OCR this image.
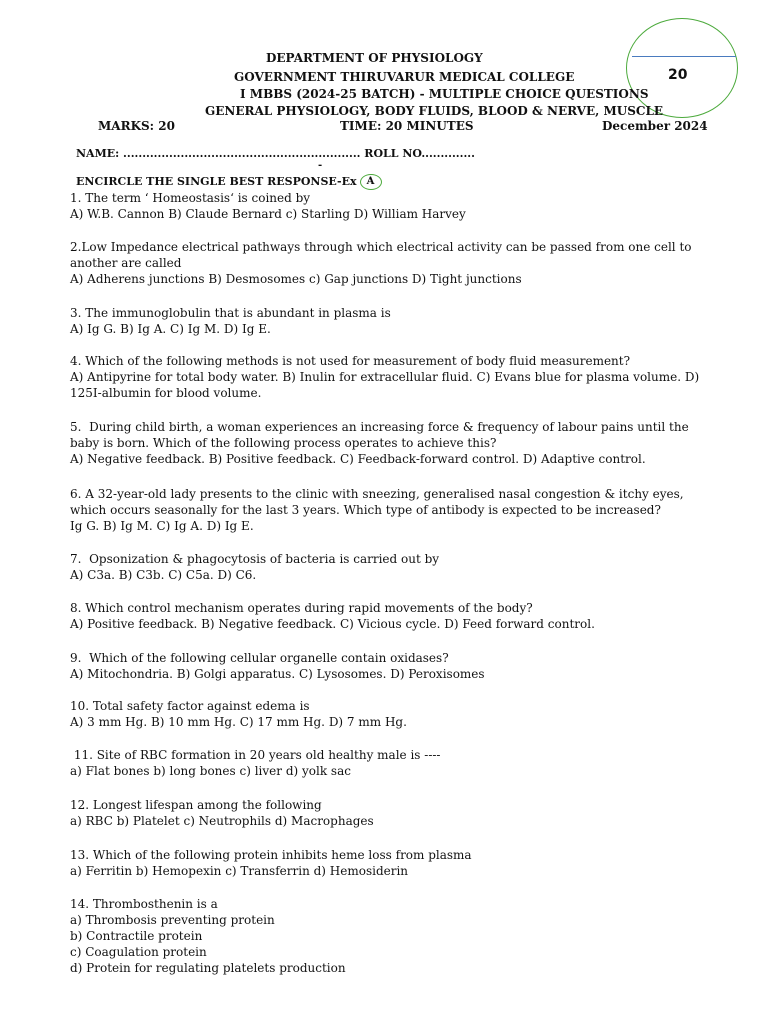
20
DEPARTMENT OF PHYSIOLOGY
GOVERNMENT THIRUVARUR MEDICAL COLLEGE
I MBBS (2024-25 BATCH) - MULTIPLE CHOICE QUESTIONS
GENERAL PHYSIOLOGY, BODY FLUIDS, BLOOD & NERVE, MUSCLE
MARKS: 20	TIME: 20 MINUTES	December 2024
NAME: .............................................................. ROLL NO..............
-
ENCIRCLE THE SINGLE BEST RESPONSE-Ex A

1. The term ‘ Homeostasis‘ is coined by

A) W.B. Cannon B) Claude Bernard c) Starling D) William Harvey

2.Low Impedance electrical pathways through which electrical activity can be passed from one cell to

another are called

A) Adherens junctions B) Desmosomes c) Gap junctions D) Tight junctions

3. The immunoglobulin that is abundant in plasma is

A) Ig G. B) Ig A. C) Ig M. D) Ig E.

4. Which of the following methods is not used for measurement of body fluid measurement?

A) Antipyrine for total body water. B) Inulin for extracellular fluid. C) Evans blue for plasma volume. D)

125I-albumin for blood volume.

5.  During child birth, a woman experiences an increasing force & frequency of labour pains until the

baby is born. Which of the following process operates to achieve this?

A) Negative feedback. B) Positive feedback. C) Feedback-forward control. D) Adaptive control.

6. A 32-year-old lady presents to the clinic with sneezing, generalised nasal congestion & itchy eyes,

which occurs seasonally for the last 3 years. Which type of antibody is expected to be increased?

Ig G. B) Ig M. C) Ig A. D) Ig E.

7.  Opsonization & phagocytosis of bacteria is carried out by

A) C3a. B) C3b. C) C5a. D) C6.

8. Which control mechanism operates during rapid movements of the body?

A) Positive feedback. B) Negative feedback. C) Vicious cycle. D) Feed forward control.

9.  Which of the following cellular organelle contain oxidases?

A) Mitochondria. B) Golgi apparatus. C) Lysosomes. D) Peroxisomes

10. Total safety factor against edema is

A) 3 mm Hg. B) 10 mm Hg. C) 17 mm Hg. D) 7 mm Hg.

11. Site of RBC formation in 20 years old healthy male is ----

a) Flat bones b) long bones c) liver d) yolk sac

12. Longest lifespan among the following

a) RBC b) Platelet c) Neutrophils d) Macrophages

13. Which of the following protein inhibits heme loss from plasma

a) Ferritin b) Hemopexin c) Transferrin d) Hemosiderin

14. Thrombosthenin is a

a) Thrombosis preventing protein

b) Contractile protein

c) Coagulation protein

d) Protein for regulating platelets production
